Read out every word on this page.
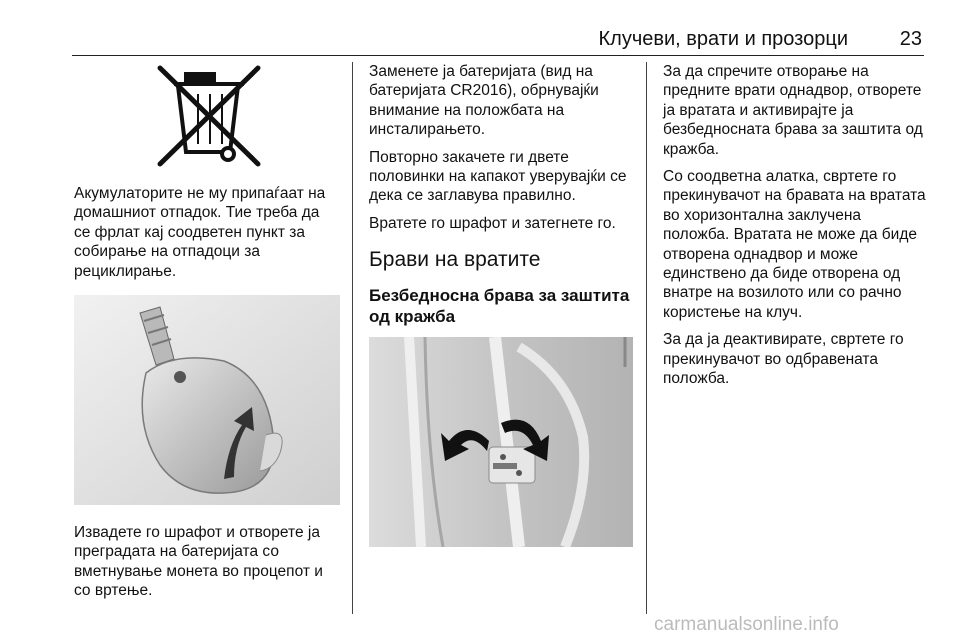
Клучеви, врати и прозорци	23

Акумулаторите не му припаѓаат на домашниот отпадок. Тие треба да се фрлат кај соодветен пункт за собирање на отпадоци за рециклирање.

Извадете го шрафот и отворете ја преградата на батеријата со вметнување монета во процепот и со вртење.

Заменете ја батеријата (вид на батеријата CR2016), обрнувајќи внимание на положбата на инсталирањето.

Повторно закачете ги двете половинки на капакот уверувајќи се дека се заглавува правилно.

Вратете го шрафот и затегнете го.

Брави на вратите
Безбедносна брава за заштита од кражба

За да спречите отворање на предните врати однадвор, отворете ја вратата и активирајте ја безбедносната брава за заштита од кражба.

Со соодветна алатка, свртете го прекинувачот на бравата на вратата во хоризонтална заклучена положба. Вратата не може да биде отворена однадвор и може единствено да биде отворена од внатре на возилото или со рачно користење на клуч.

За да ја деактивирате, свртете го прекинувачот во одбравената положба.

carmanualsonline.info
